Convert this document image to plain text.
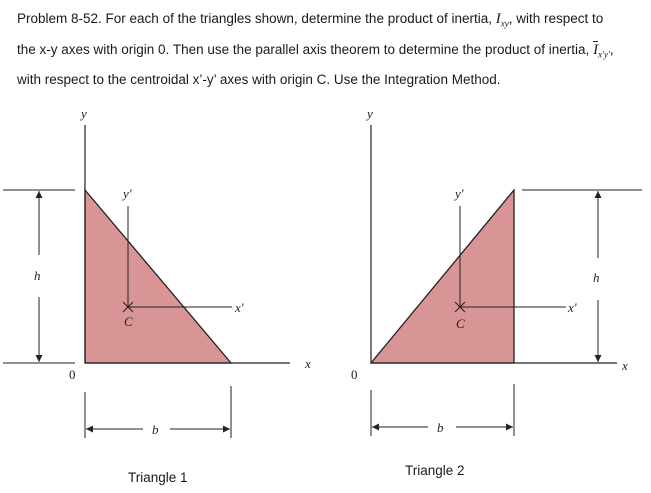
Problem 8-52. For each of the triangles shown, determine the product of inertia, $I_{xy}$, with respect to
the x-y axes with origin 0. Then use the parallel axis theorem to determine the product of inertia, $\overline{I}_{x'y'}$,
with respect to the centroidal x’-y’ axes with origin C. Use the Integration Method.
y
y'
x'
C
x
0
h
b
Triangle 1
y
y'
x'
C
x
0
h
b
Triangle 2
